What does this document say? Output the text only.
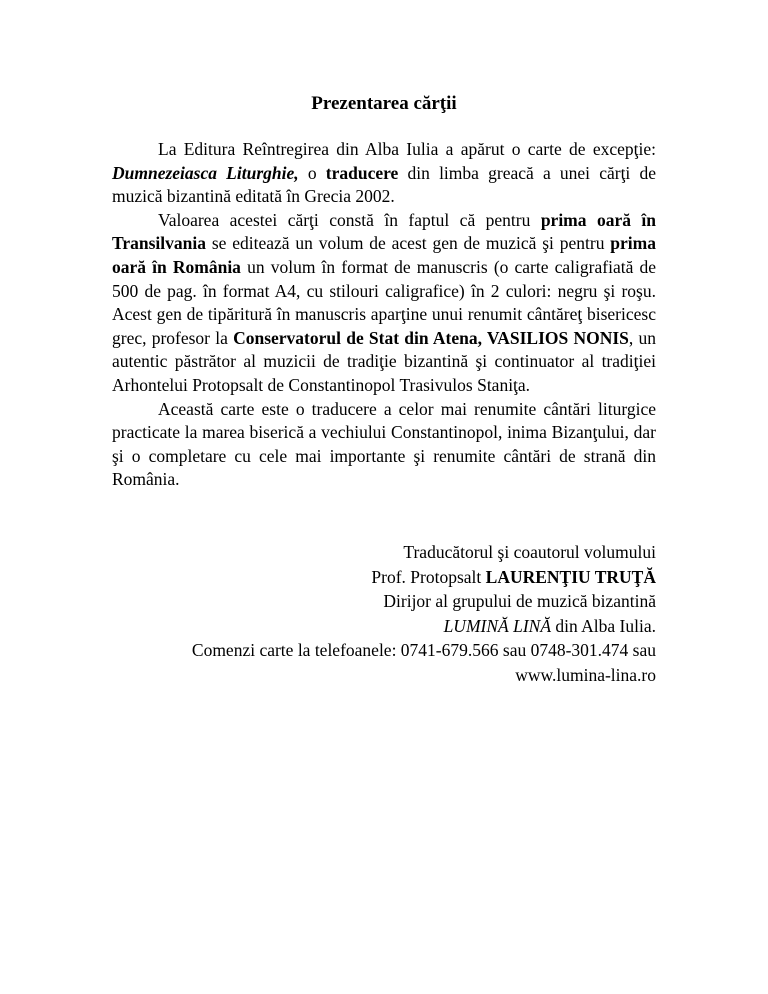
Prezentarea cărţii

La Editura Reîntregirea din Alba Iulia a apărut o carte de excepţie: Dumnezeiasca Liturghie, o traducere din limba greacă a unei cărţi de muzică bizantină editată în Grecia 2002.

Valoarea acestei cărţi constă în faptul că pentru prima oară în Transilvania se editează un volum de acest gen de muzică şi pentru prima oară în România un volum în format de manuscris (o carte caligrafiată de 500 de pag. în format A4, cu stilouri caligrafice) în 2 culori: negru şi roşu. Acest gen de tipăritură în manuscris aparţine unui renumit cântăreţ bisericesc grec, profesor la Conservatorul de Stat din Atena, VASILIOS NONIS, un autentic păstrător al muzicii de tradiţie bizantină şi continuator al tradiţiei Arhontelui Protopsalt de Constantinopol Trasivulos Staniţa.

Această carte este o traducere a celor mai renumite cântări liturgice practicate la marea biserică a vechiului Constantinopol, inima Bizanţului, dar şi o completare cu cele mai importante şi renumite cântări de strană din România.

Traducătorul şi coautorul volumului
Prof. Protopsalt LAURENŢIU TRUŢĂ
Dirijor al grupului de muzică bizantină
LUMINĂ LINĂ din Alba Iulia.
Comenzi carte la telefoanele: 0741-679.566 sau 0748-301.474 sau
www.lumina-lina.ro
